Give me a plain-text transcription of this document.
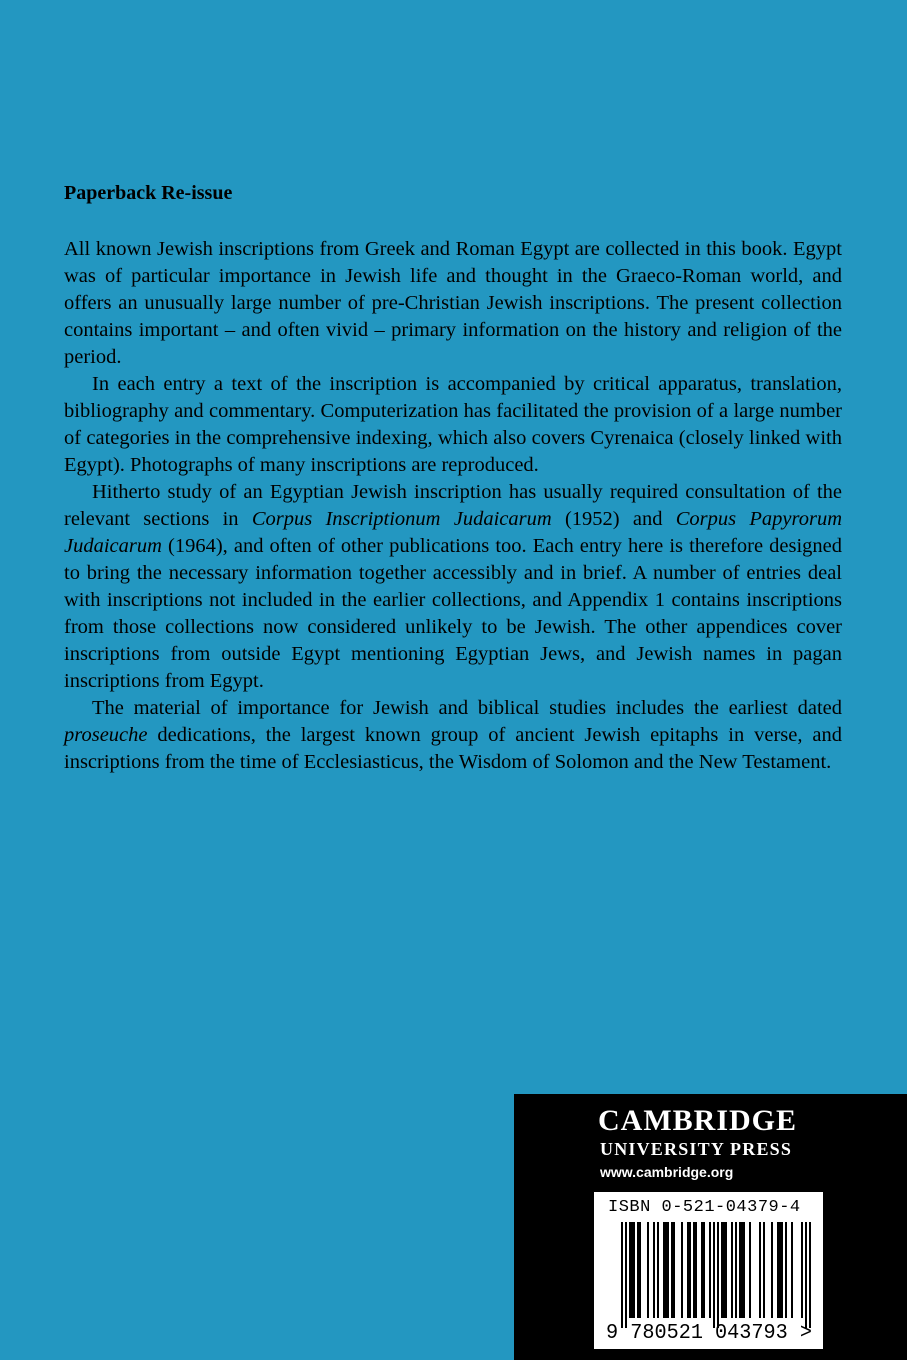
Paperback Re-issue

All known Jewish inscriptions from Greek and Roman Egypt are collected in this book. Egypt was of particular importance in Jewish life and thought in the Graeco-Roman world, and offers an unusually large number of pre-Christian Jewish inscriptions. The present collection contains important – and often vivid – primary information on the history and religion of the period.

In each entry a text of the inscription is accompanied by critical apparatus, translation, bibliography and commentary. Computerization has facilitated the provision of a large number of categories in the comprehensive indexing, which also covers Cyrenaica (closely linked with Egypt). Photographs of many inscriptions are reproduced.

Hitherto study of an Egyptian Jewish inscription has usually required consultation of the relevant sections in Corpus Inscriptionum Judaicarum (1952) and Corpus Papyrorum Judaicarum (1964), and often of other publications too. Each entry here is therefore designed to bring the necessary information together accessibly and in brief. A number of entries deal with inscriptions not included in the earlier collections, and Appendix 1 contains inscriptions from those collections now considered unlikely to be Jewish. The other appendices cover inscriptions from outside Egypt mentioning Egyptian Jews, and Jewish names in pagan inscriptions from Egypt.

The material of importance for Jewish and biblical studies includes the earliest dated proseuche dedications, the largest known group of ancient Jewish epitaphs in verse, and inscriptions from the time of Ecclesiasticus, the Wisdom of Solomon and the New Testament.

CAMBRIDGE
UNIVERSITY PRESS
www.cambridge.org

ISBN 0-521-04379-4

9 780521 043793 >
